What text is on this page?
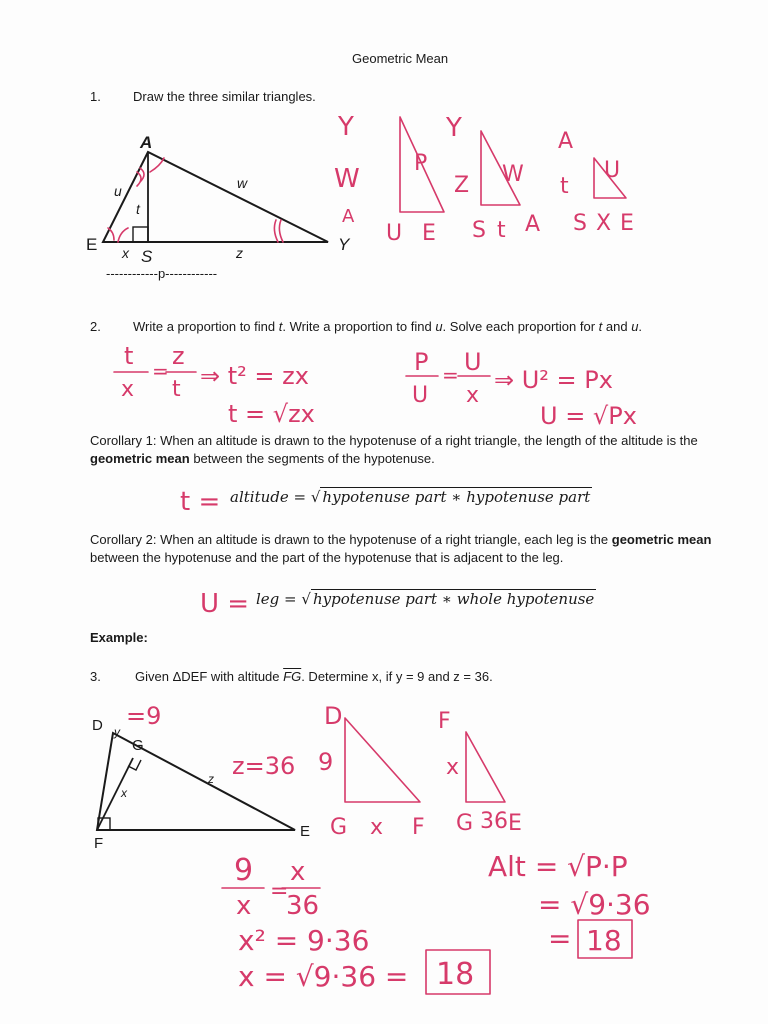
Geometric Mean
1. Draw the three similar triangles.
A
E
S
Y
u	w
t
x	z
------------p------------
2. Write a proportion to find t. Write a proportion to find u. Solve each proportion for t and u.
Corollary 1: When an altitude is drawn to the hypotenuse of a right triangle, the length of the altitude is the geometric mean between the segments of the hypotenuse.
altitude = √ hypotenuse part ∗ hypotenuse part
Corollary 2: When an altitude is drawn to the hypotenuse of a right triangle, each leg is the geometric mean between the hypotenuse and the part of the hypotenuse that is adjacent to the leg.
leg = √ hypotenuse part ∗ whole hypotenuse
Example:
3.	Given ΔDEF with altitude $\overline{FG}$. Determine x, if y = 9 and z = 36.
D
G
F
E
y
x
z
Y
W
P
A
U E
Y
Z W
S t A
A
t
U
S X E
t
x
=
z
t ⇒ t² = zx
t = √zx
P
U
= U
x
⇒ U² = Px
U = √Px
t =
U =
=9
z=36
D
9
G x F
F
x
G 36 E
9
x =
x
36
x² = 9·36
x = √9·36 = 18
Alt = √P·P
= √9·36
= 18
